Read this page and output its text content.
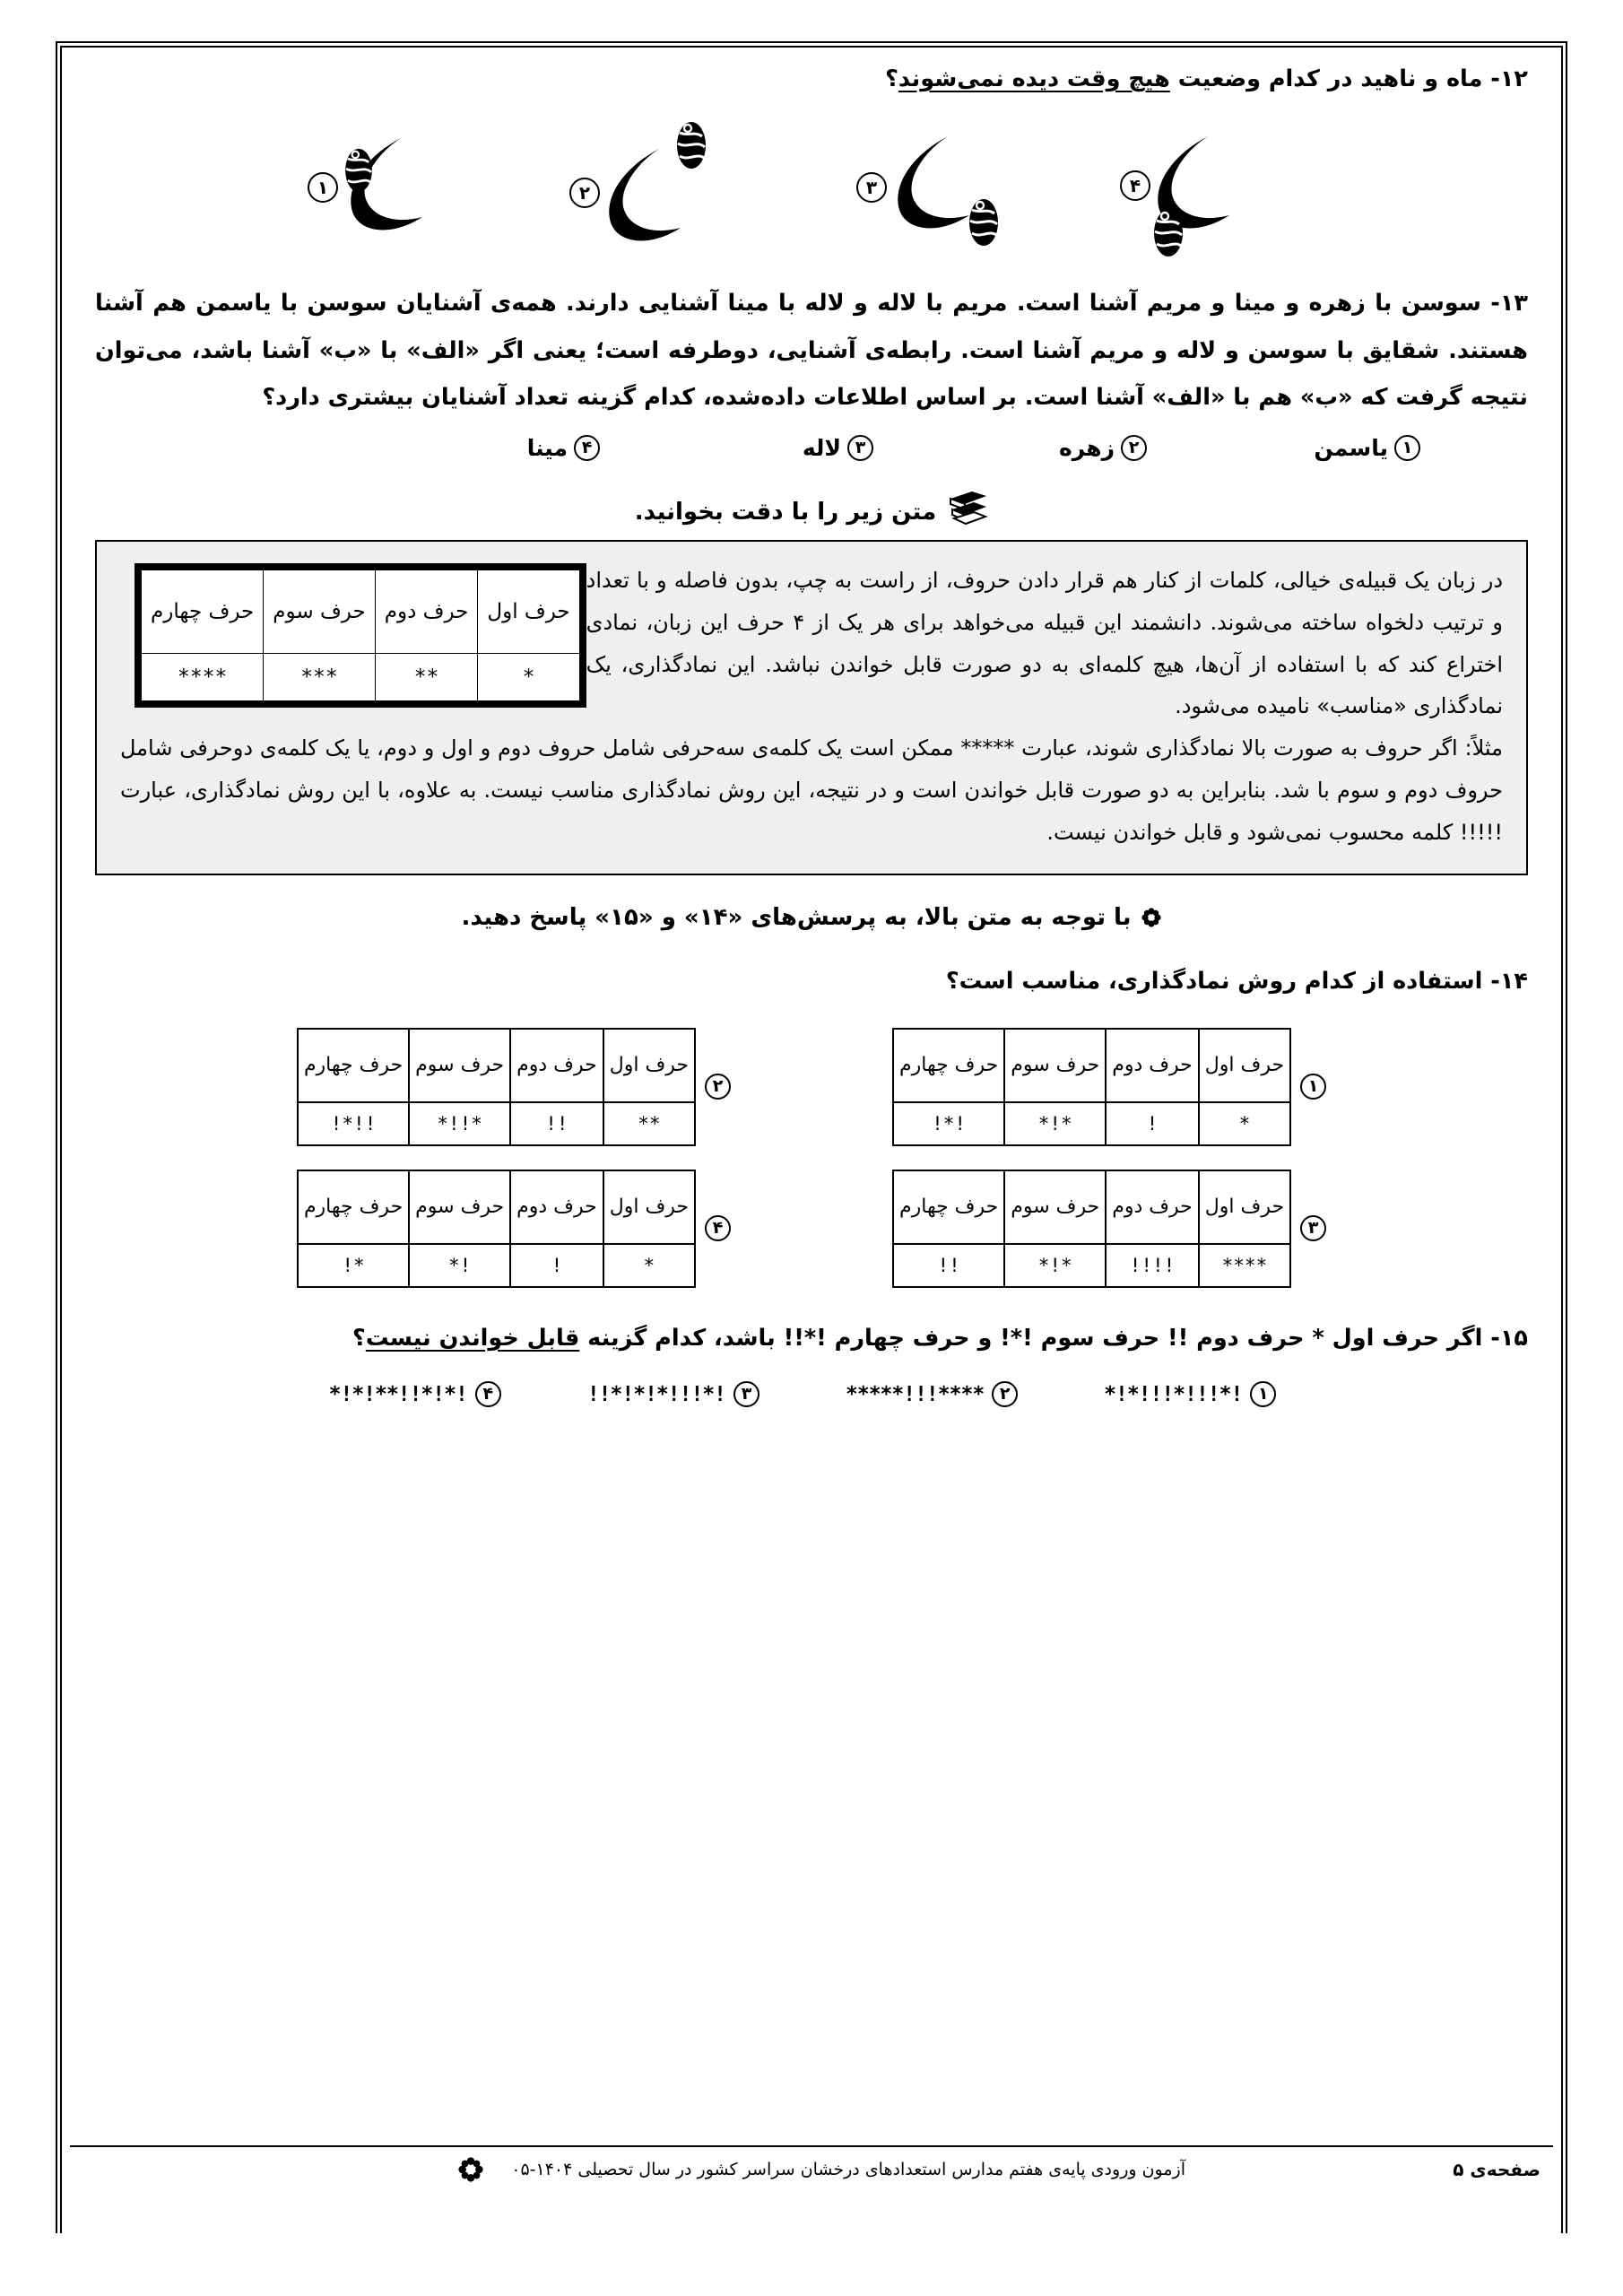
۱۲- ماه و ناهید در کدام وضعیت هیچ وقت دیده نمی‌شوند؟
۴
۳
۲
۱
۱۳- سوسن با زهره و مینا و مریم آشنا است. مریم با لاله و لاله با مینا آشنایی دارند. همه‌ی آشنایان سوسن با یاسمن هم آشنا هستند. شقایق با سوسن و لاله و مریم آشنا است. رابطه‌ی آشنایی، دوطرفه است؛ یعنی اگر «الف» با «ب» آشنا باشد، می‌توان نتیجه گرفت که «ب» هم با «الف» آشنا است. بر اساس اطلاعات داده‌شده، کدام گزینه تعداد آشنایان بیشتری دارد؟
۱
یاسمن
۲
زهره
۳
لاله
۴
مینا
متن زیر را با دقت بخوانید.
حرف اول	حرف دوم	حرف سوم	حرف چهارم
*	**	***	****

در زبان یک قبیله‌ی خیالی، کلمات از کنار هم قرار دادن حروف، از راست به چپ، بدون فاصله و با تعداد و ترتیب دلخواه ساخته می‌شوند. دانشمند این قبیله می‌خواهد برای هر یک از ۴ حرف این زبان، نمادی اختراع کند که با استفاده از آن‌ها، هیچ کلمه‌ای به دو صورت قابل خواندن نباشد. این نمادگذاری، یک نمادگذاری «مناسب» نامیده می‌شود.

مثلاً: اگر حروف به صورت بالا نمادگذاری شوند، عبارت ***** ممکن است یک کلمه‌ی سه‌حرفی شامل حروف دوم و اول و دوم، یا یک کلمه‌ی دوحرفی شامل حروف دوم و سوم با شد. بنابراین به دو صورت قابل خواندن است و در نتیجه، این روش نمادگذاری مناسب نیست. به علاوه، با این روش نمادگذاری، عبارت !!!!! کلمه محسوب نمی‌شود و قابل خواندن نیست.

با توجه به متن بالا، به پرسش‌های «۱۴» و «۱۵» پاسخ دهید.
۱۴- استفاده از کدام روش نمادگذاری، مناسب است؟
۱
حرف اول	حرف دوم	حرف سوم	حرف چهارم
*	!	*!*	!*!
۲
حرف اول	حرف دوم	حرف سوم	حرف چهارم
**	!!	*!!*	!!*!
۳
حرف اول	حرف دوم	حرف سوم	حرف چهارم
****	!!!!	*!*	!!
۴
حرف اول	حرف دوم	حرف سوم	حرف چهارم
*	!	!*	*!
۱۵- اگر حرف اول * حرف دوم !! حرف سوم !*! و حرف چهارم !*!! باشد، کدام گزینه قابل خواندن نیست؟
۱
*!*!!!*!!!*!
۲
*****!!!****
۳
!!*!*!*!!!*!
۴
*!*!**!!*!*!
صفحه‌ی ۵
آزمون ورودی پایه‌ی هفتم مدارس استعدادهای درخشان سراسر کشور در سال تحصیلی ۱۴۰۴-۰۵
